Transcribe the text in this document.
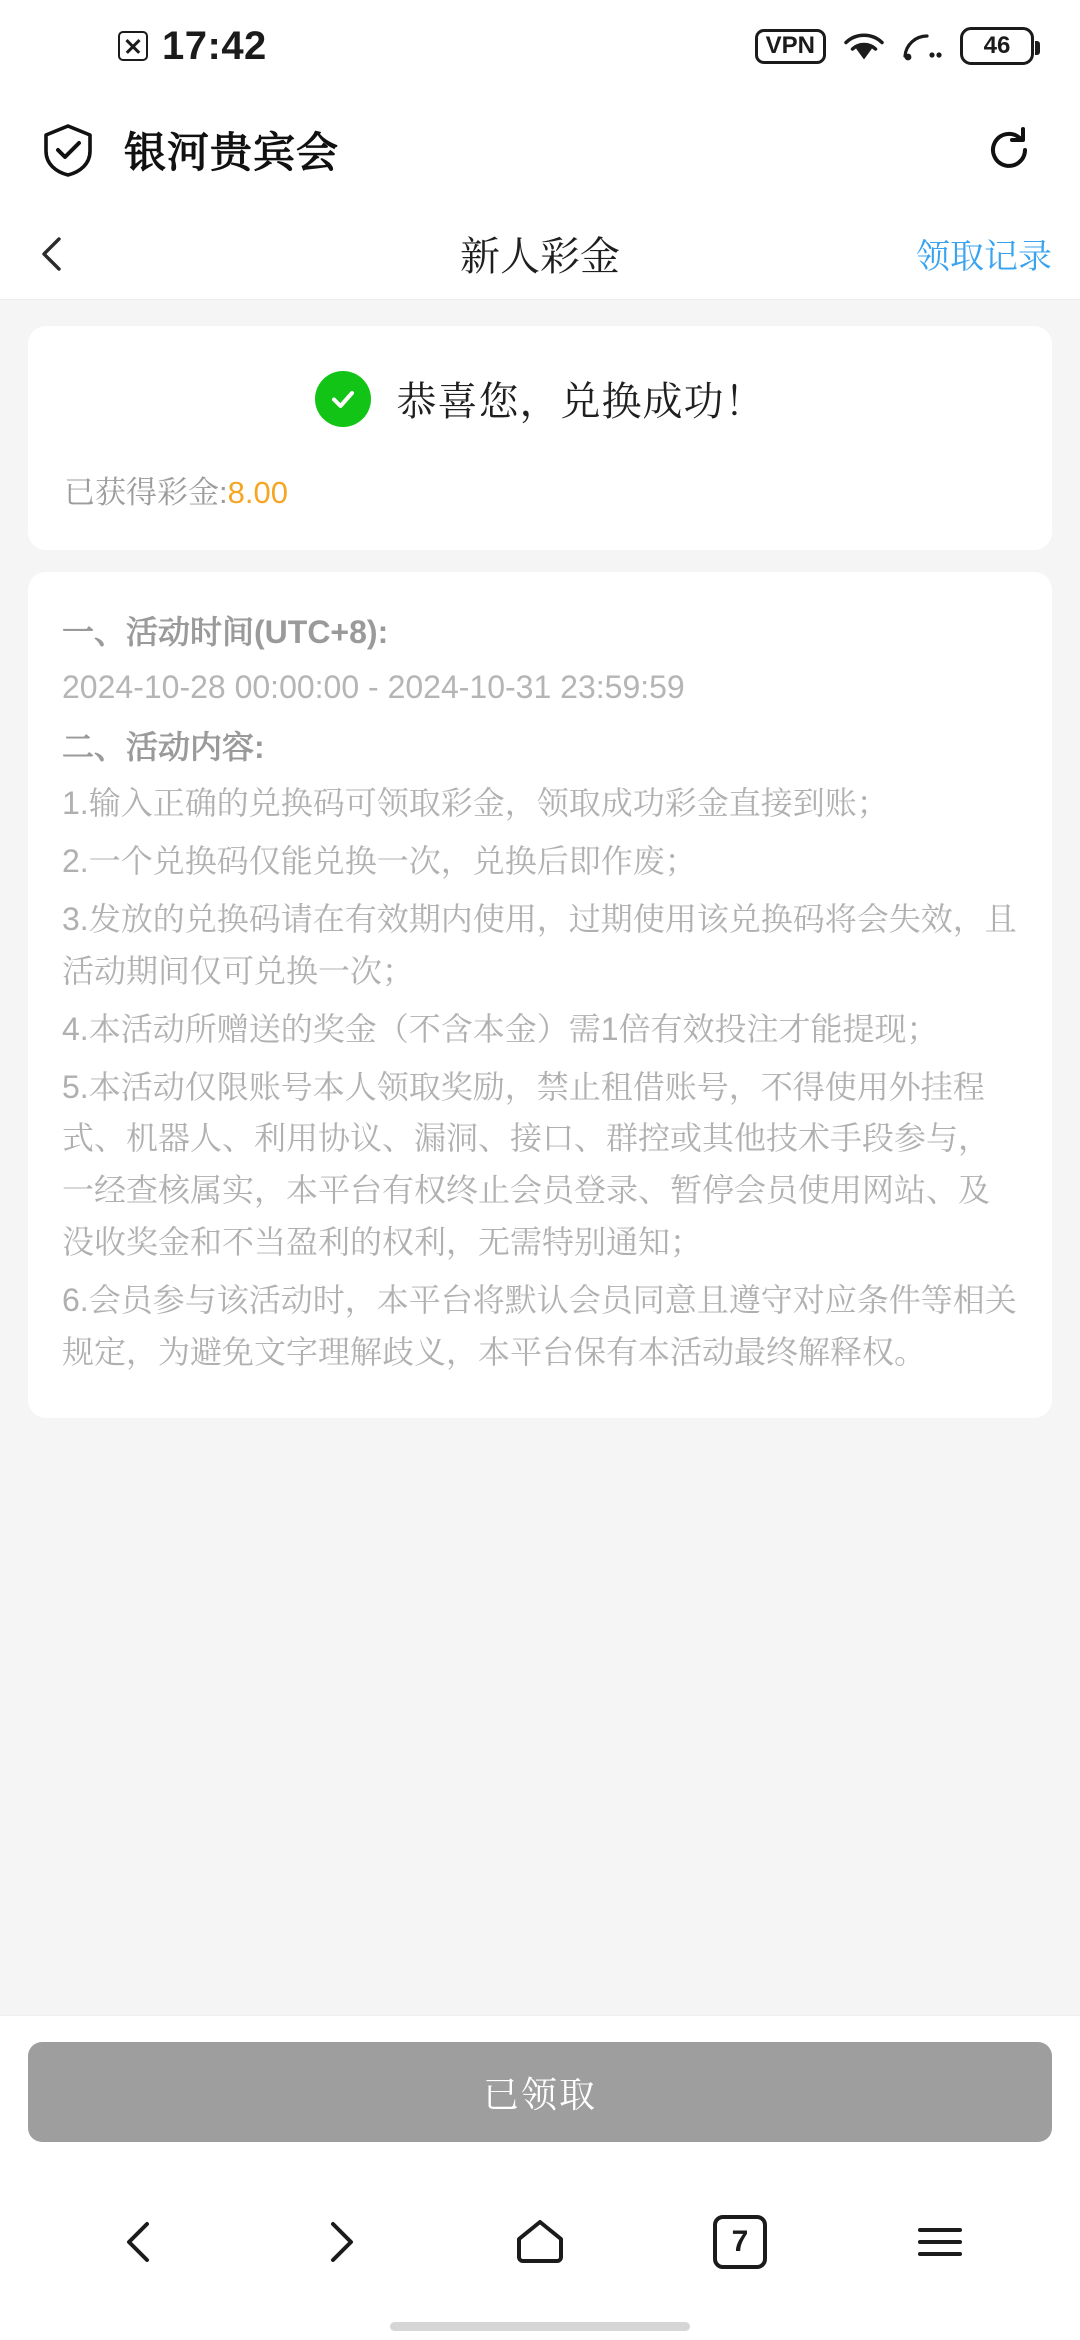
17:42	VPN	46
银河贵宾会
新人彩金	领取记录
恭喜您，兑换成功！
已获得彩金:8.00
一、活动时间(UTC+8):
2024-10-28 00:00:00 - 2024-10-31 23:59:59
二、活动内容:
1.输入正确的兑换码可领取彩金，领取成功彩金直接到账；
2.一个兑换码仅能兑换一次，兑换后即作废；
3.发放的兑换码请在有效期内使用，过期使用该兑换码将会失效，且活动期间仅可兑换一次；
4.本活动所赠送的奖金（不含本金）需1倍有效投注才能提现；
5.本活动仅限账号本人领取奖励，禁止租借账号，不得使用外挂程式、机器人、利用协议、漏洞、接口、群控或其他技术手段参与，一经查核属实，本平台有权终止会员登录、暂停会员使用网站、及没收奖金和不当盈利的权利，无需特别通知；
6.会员参与该活动时，本平台将默认会员同意且遵守对应条件等相关规定，为避免文字理解歧义，本平台保有本活动最终解释权。
已领取
7
